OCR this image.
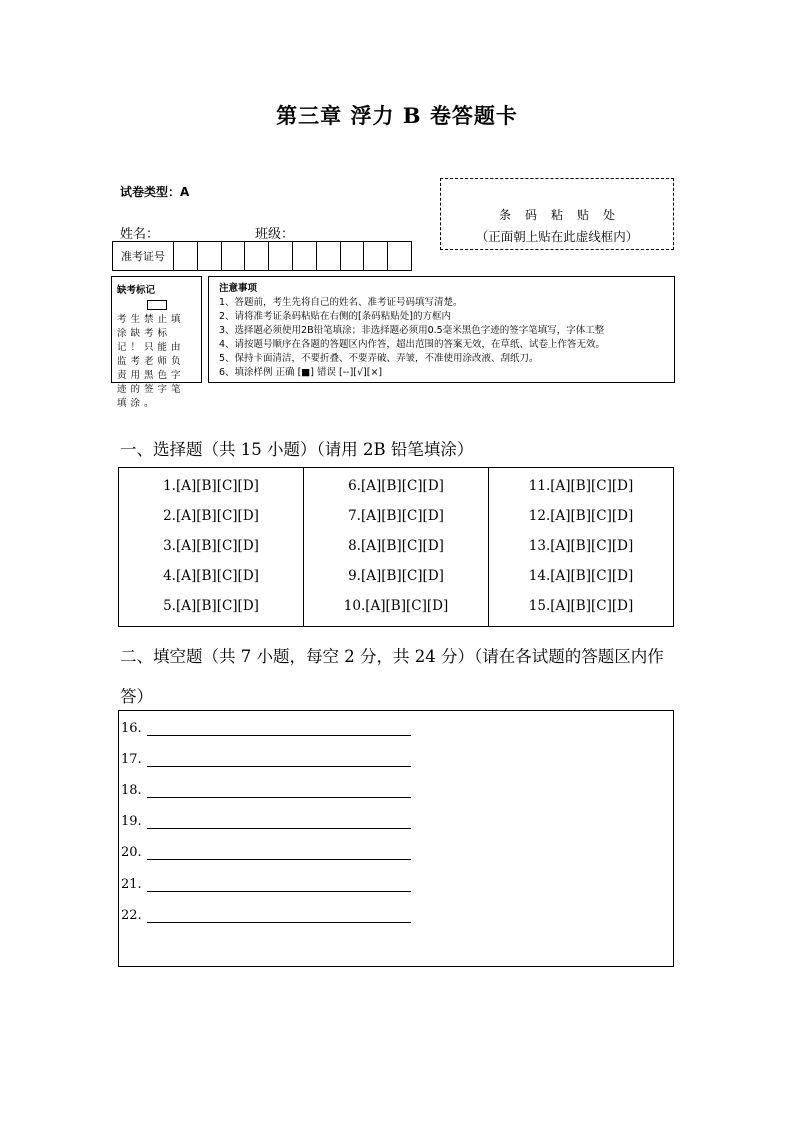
第三章 浮力 B 卷答题卡
试卷类型：A
姓名：	班级：
条码粘贴处
（正面朝上贴在此虚线框内）
准考证号
缺考标记
考生禁止填涂缺考标记！只能由监考老师负责用黑色字迹的签字笔填涂。
注意事项
1、答题前，考生先将自己的姓名、准考证号码填写清楚。
2、请将准考证条码粘贴在右侧的[条码粘贴处]的方框内
3、选择题必须使用2B铅笔填涂；非选择题必须用0.5毫米黑色字迹的签字笔填写，字体工整
4、请按题号顺序在各题的答题区内作答，超出范围的答案无效，在草纸、试卷上作答无效。
5、保持卡面清洁，不要折叠、不要弄破、弄皱，不准使用涂改液、刮纸刀。
6、填涂样例 正确 [■] 错误 [--][√][×]
一、选择题（共 15 小题）（请用 2B 铅笔填涂）
1.[A][B][C][D]
2.[A][B][C][D]
3.[A][B][C][D]
4.[A][B][C][D]
5.[A][B][C][D]
6.[A][B][C][D]
7.[A][B][C][D]
8.[A][B][C][D]
9.[A][B][C][D]
10.[A][B][C][D]
11.[A][B][C][D]
12.[A][B][C][D]
13.[A][B][C][D]
14.[A][B][C][D]
15.[A][B][C][D]
二、填空题（共 7 小题，每空 2 分，共 24 分）（请在各试题的答题区内作答）
16.
17.
18.
19.
20.
21.
22.
